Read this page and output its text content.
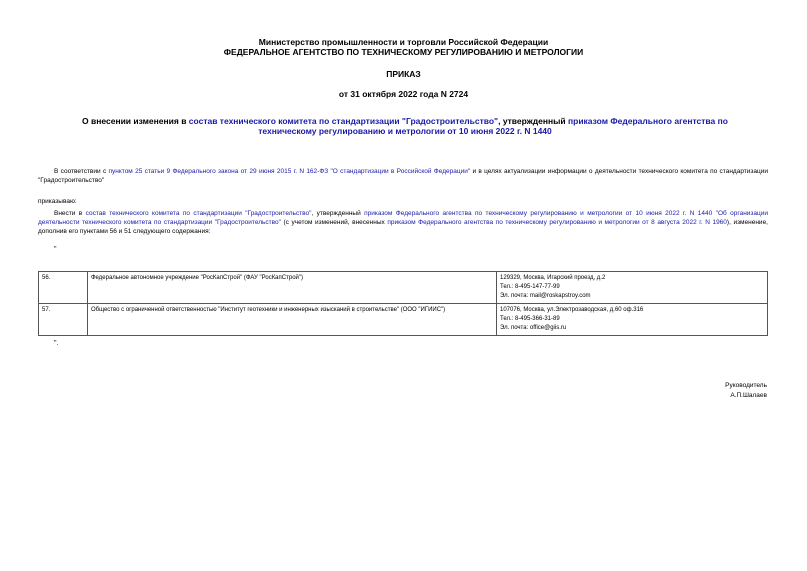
Министерство промышленности и торговли Российской Федерации
ФЕДЕРАЛЬНОЕ АГЕНТСТВО ПО ТЕХНИЧЕСКОМУ РЕГУЛИРОВАНИЮ И МЕТРОЛОГИИ
ПРИКАЗ
от 31 октября 2022 года N 2724
О внесении изменения в состав технического комитета по стандартизации "Градостроительство", утвержденный приказом Федерального агентства по техническому регулированию и метрологии от 10 июня 2022 г. N 1440
В соответствии с пунктом 25 статьи 9 Федерального закона от 29 июня 2015 г. N 162-ФЗ "О стандартизации в Российской Федерации" и в целях актуализации информации о деятельности технического комитета по стандартизации "Градостроительство"
приказываю:
Внести в состав технического комитета по стандартизации "Градостроительство", утвержденный приказом Федерального агентства по техническому регулированию и метрологии от 10 июня 2022 г. N 1440 "Об организации деятельности технического комитета по стандартизации "Градостроительство" (с учетом изменений, внесенных приказом Федерального агентства по техническому регулированию и метрологии от 8 августа 2022 г. N 1960), изменение, дополнив его пунктами 56 и 51 следующего содержания:
"
56.	Федеральное автономное учреждение "РосКапСтрой" (ФАУ "РосКапСтрой")	129329, Москва, Игарский проезд, д.2
Тел.: 8-495-147-77-99
Эл. почта: mail@roskapstroy.com

57.	Общество с ограниченной ответственностью "Институт геотехники и инженерных изысканий в строительстве" (ООО "ИГИИС")	107076, Москва, ул.Электрозаводская, д.60 оф.316
Тел.: 8-495-366-31-89
Эл. почта: office@giis.ru
".
Руководитель
А.П.Шалаев
